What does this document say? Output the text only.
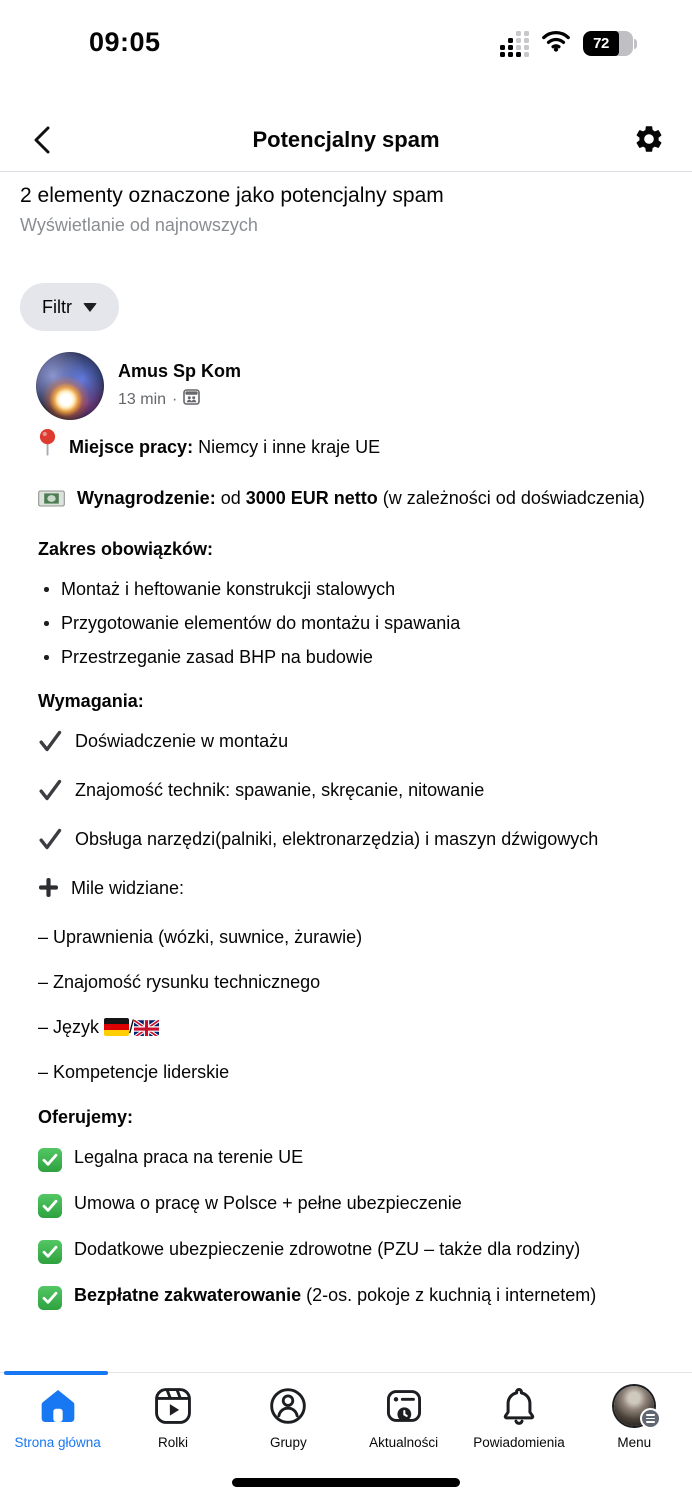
09:05	72
Potencjalny spam
2 elementy oznaczone jako potencjalny spam
Wyświetlanie od najnowszych
Filtr
Amus Sp Kom
13 min ·
Miejsce pracy: Niemcy i inne kraje UE
Wynagrodzenie: od 3000 EUR netto (w zależności od doświadczenia)
Zakres obowiązków:
Montaż i heftowanie konstrukcji stalowych
Przygotowanie elementów do montażu i spawania
Przestrzeganie zasad BHP na budowie
Wymagania:
Doświadczenie w montażu
Znajomość technik: spawanie, skręcanie, nitowanie
Obsługa narzędzi(palniki, elektronarzędzia) i maszyn dźwigowych
Mile widziane:
– Uprawnienia (wózki, suwnice, żurawie)
– Znajomość rysunku technicznego
– Język /
– Kompetencje liderskie
Oferujemy:
Legalna praca na terenie UE
Umowa o pracę w Polsce + pełne ubezpieczenie
Dodatkowe ubezpieczenie zdrowotne (PZU – także dla rodziny)
Bezpłatne zakwaterowanie (2-os. pokoje z kuchnią i internetem)
Strona główna	Rolki	Grupy	Aktualności	Powiadomienia	Menu
